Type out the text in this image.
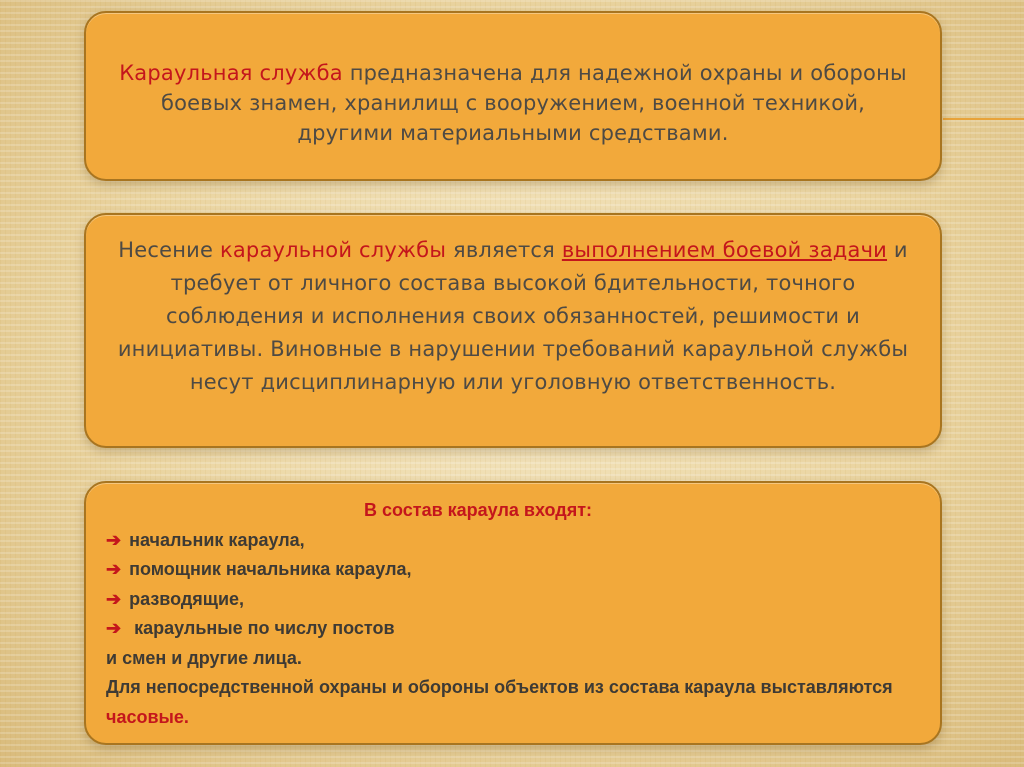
Караульная служба предназначена для надежной охраны и обороны боевых знамен, хранилищ с вооружением, военной техникой, другими материальными средствами.
Несение караульной службы является выполнением боевой задачи и требует от личного состава высокой бдительности, точного соблюдения и исполнения своих обязанностей, решимости и инициативы. Виновные в нарушении требований караульной службы несут дисциплинарную или уголовную ответственность.
В состав караула входят:
➔ начальник караула,
➔ помощник начальника караула,
➔ разводящие,
➔ караульные по числу постов
и смен и другие лица.
Для непосредственной охраны и обороны объектов из состава караула выставляются часовые.
